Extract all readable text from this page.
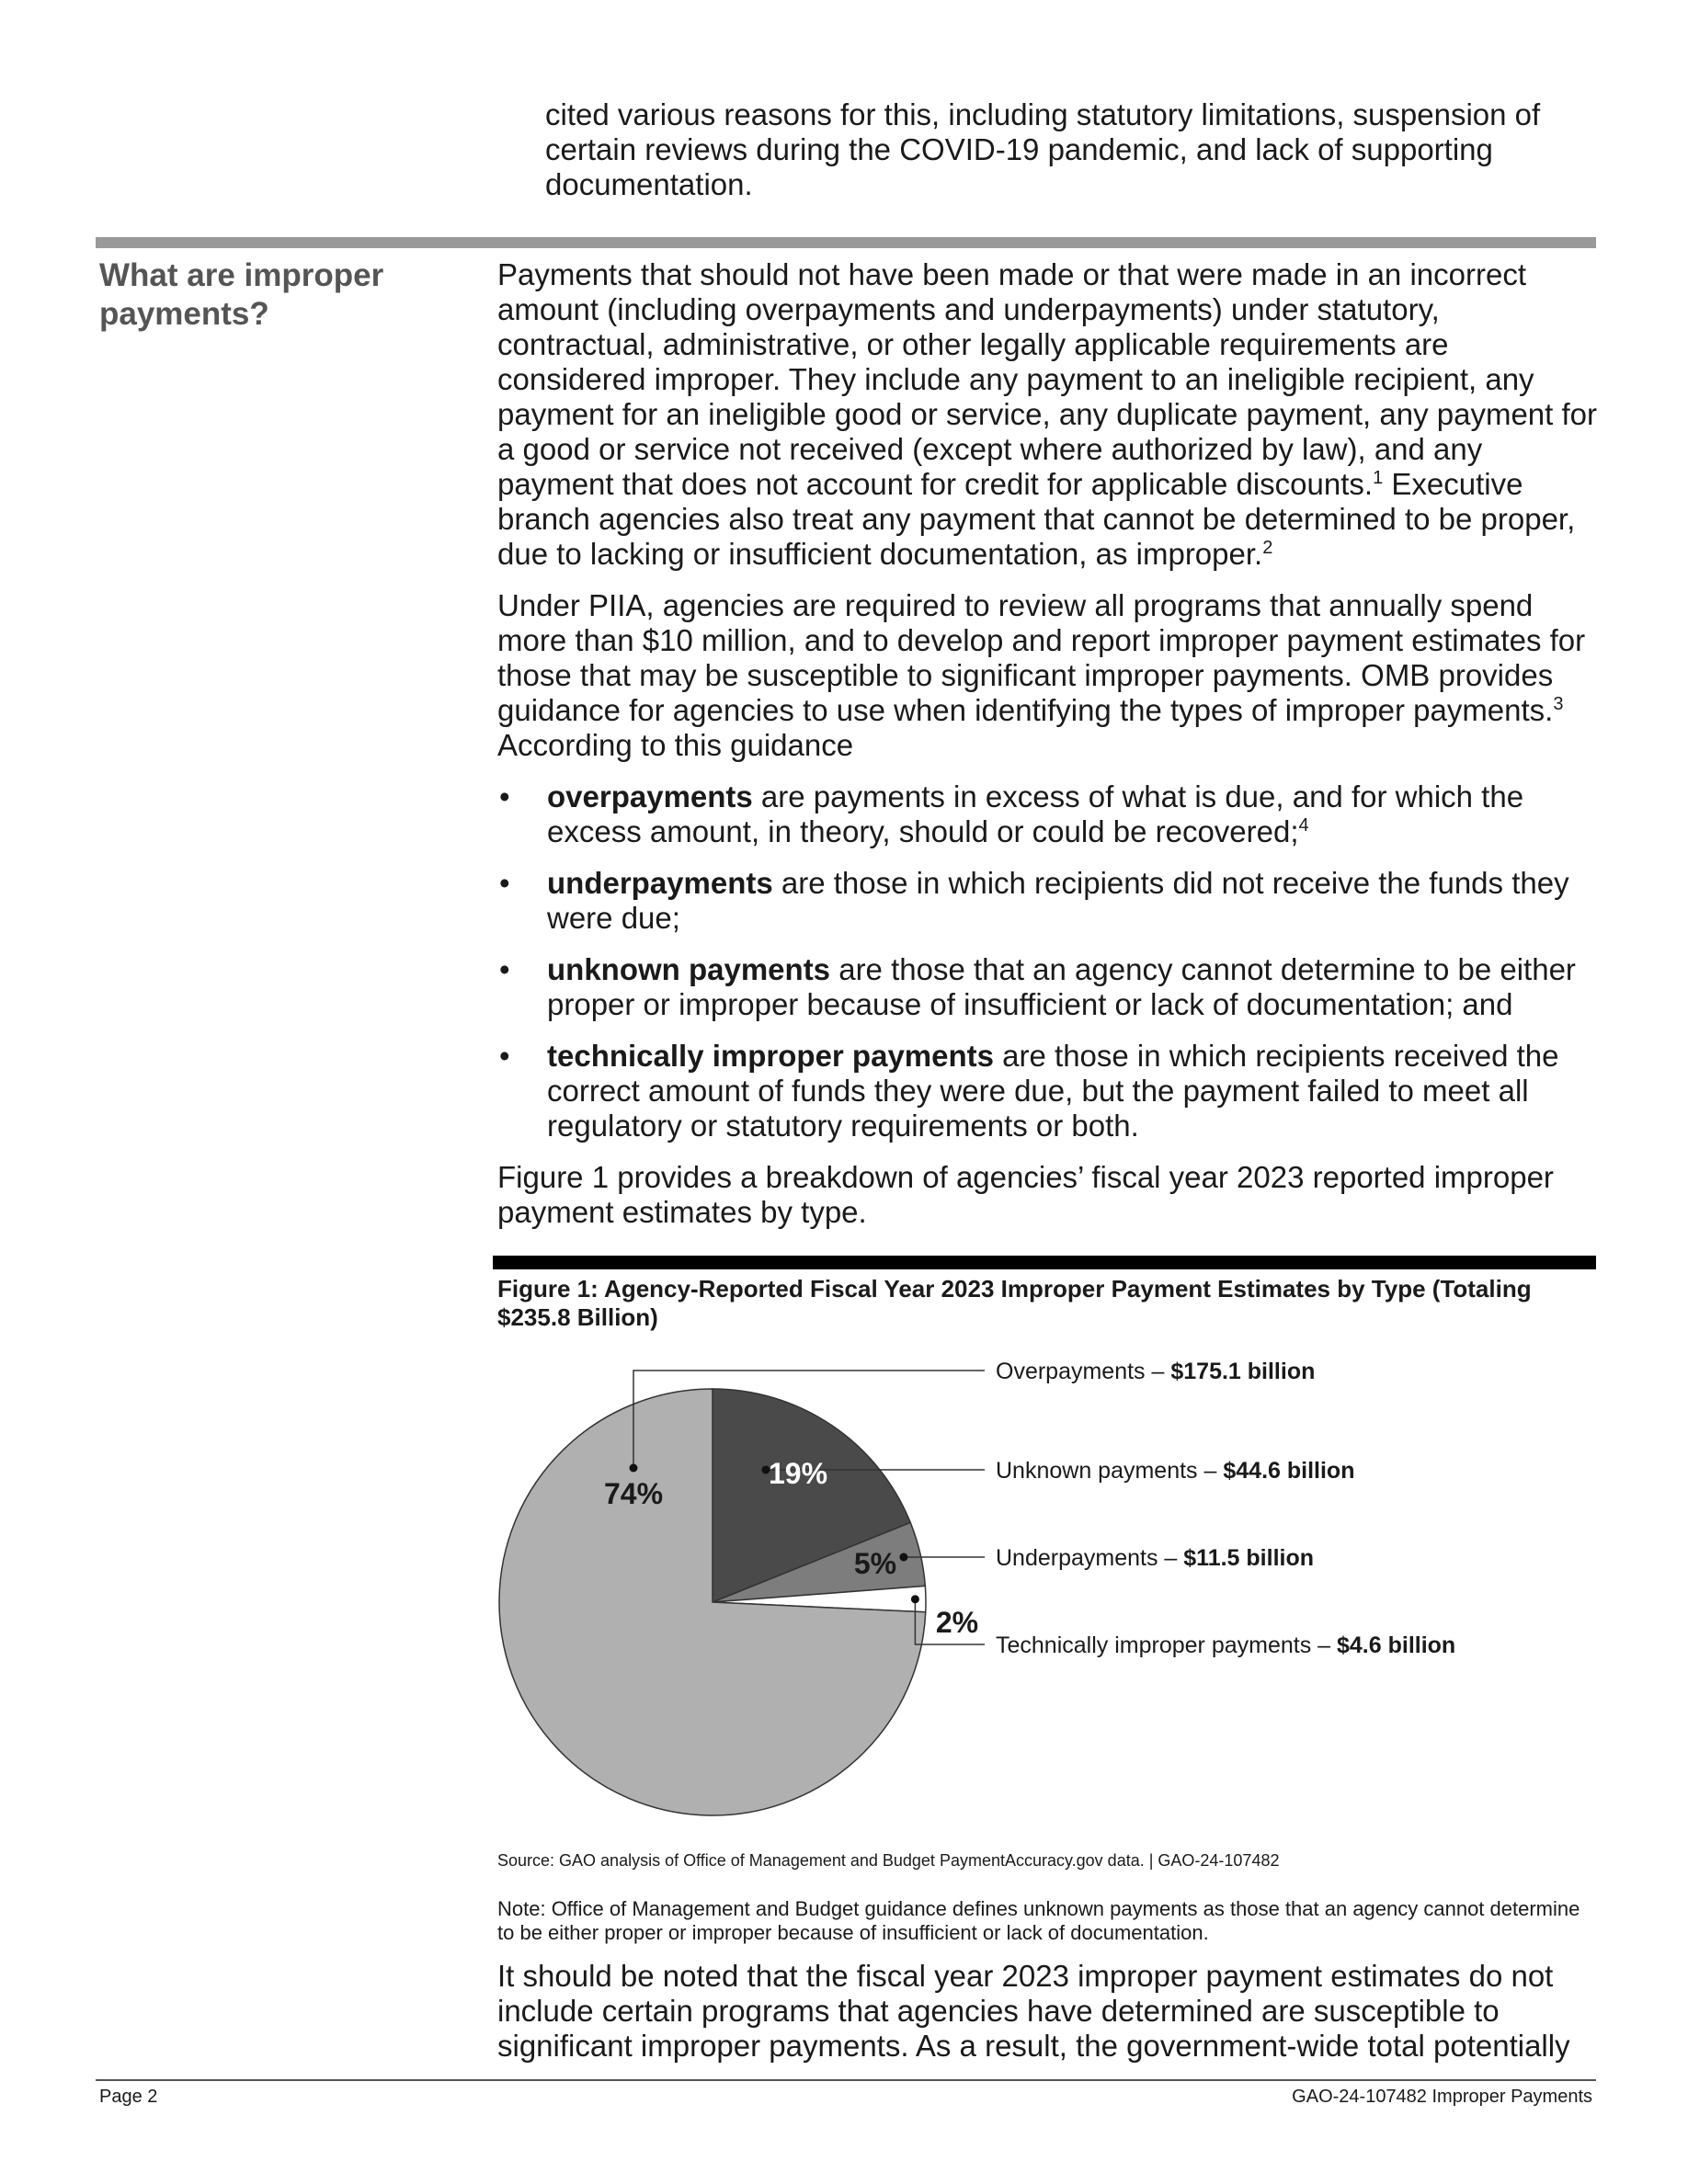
cited various reasons for this, including statutory limitations, suspension of certain reviews during the COVID-19 pandemic, and lack of supporting documentation.

What are improper payments?

Payments that should not have been made or that were made in an incorrect amount (including overpayments and underpayments) under statutory, contractual, administrative, or other legally applicable requirements are considered improper. They include any payment to an ineligible recipient, any payment for an ineligible good or service, any duplicate payment, any payment for a good or service not received (except where authorized by law), and any payment that does not account for credit for applicable discounts.$^1$ Executive branch agencies also treat any payment that cannot be determined to be proper, due to lacking or insufficient documentation, as improper.$^2$

Under PIIA, agencies are required to review all programs that annually spend more than $10 million, and to develop and report improper payment estimates for those that may be susceptible to significant improper payments. OMB provides guidance for agencies to use when identifying the types of improper payments.$^3$ According to this guidance

• overpayments are payments in excess of what is due, and for which the excess amount, in theory, should or could be recovered;$^4$
• underpayments are those in which recipients did not receive the funds they were due;
• unknown payments are those that an agency cannot determine to be either proper or improper because of insufficient or lack of documentation; and
• technically improper payments are those in which recipients received the correct amount of funds they were due, but the payment failed to meet all regulatory or statutory requirements or both.

Figure 1 provides a breakdown of agencies’ fiscal year 2023 reported improper payment estimates by type.

Figure 1: Agency-Reported Fiscal Year 2023 Improper Payment Estimates by Type (Totaling $235.8 Billion)
19%
5%
2%
74%
Overpayments – $175.1 billion
Unknown payments – $44.6 billion
Underpayments – $11.5 billion
Technically improper payments – $4.6 billion
Source: GAO analysis of Office of Management and Budget PaymentAccuracy.gov data. | GAO-24-107482
Note: Office of Management and Budget guidance defines unknown payments as those that an agency cannot determine to be either proper or improper because of insufficient or lack of documentation.
It should be noted that the fiscal year 2023 improper payment estimates do not include certain programs that agencies have determined are susceptible to significant improper payments. As a result, the government-wide total potentially
Page 2	GAO-24-107482 Improper Payments
